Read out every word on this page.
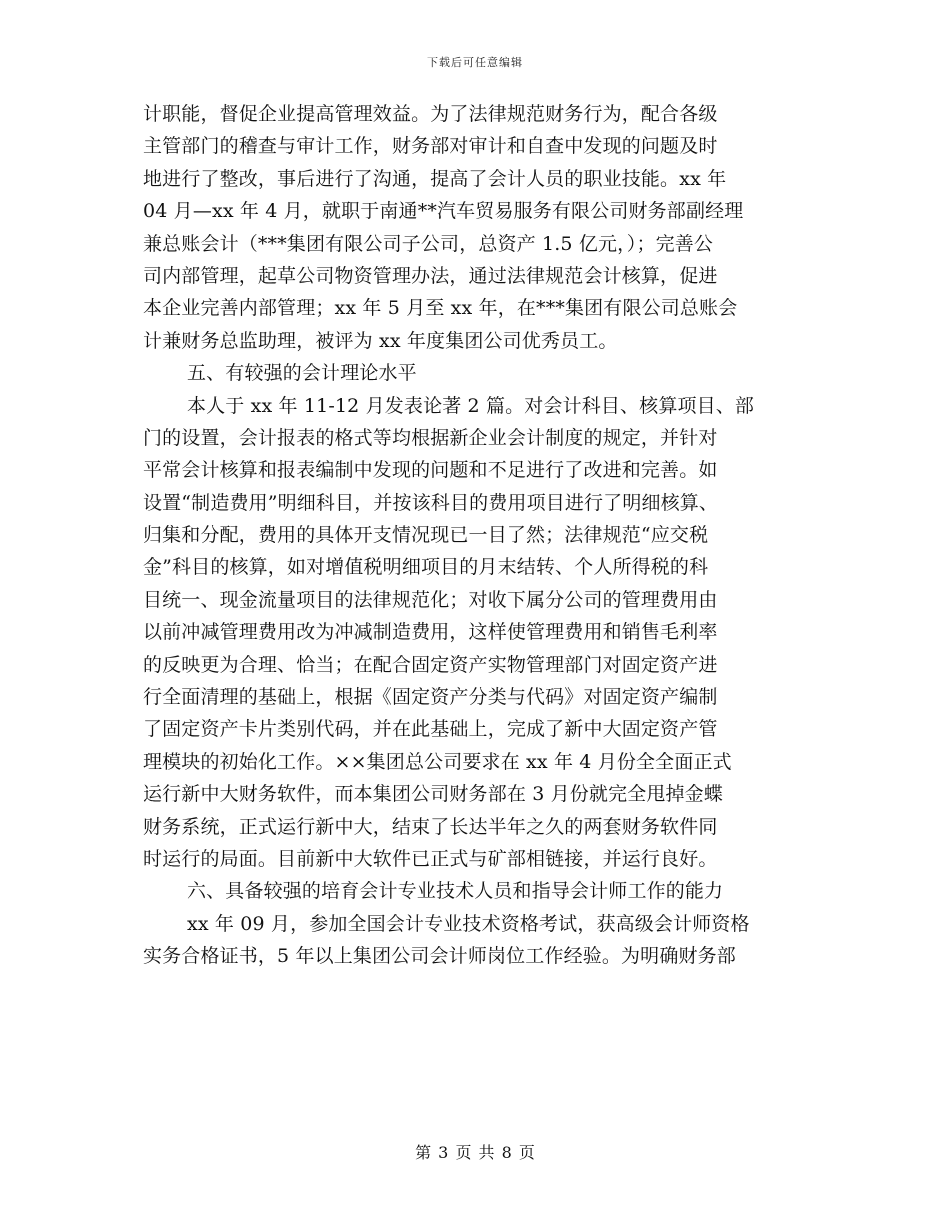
下载后可任意编辑
计职能，督促企业提高管理效益。为了法律规范财务行为，配合各级
主管部门的稽查与审计工作，财务部对审计和自查中发现的问题及时
地进行了整改，事后进行了沟通，提高了会计人员的职业技能。xx 年
04 月—xx 年 4 月，就职于南通**汽车贸易服务有限公司财务部副经理
兼总账会计（***集团有限公司子公司，总资产 1.5 亿元，）；完善公
司内部管理，起草公司物资管理办法，通过法律规范会计核算，促进
本企业完善内部管理；xx 年 5 月至 xx 年，在***集团有限公司总账会
计兼财务总监助理，被评为 xx 年度集团公司优秀员工。
五、有较强的会计理论水平
本人于 xx 年 11-12 月发表论著 2 篇。对会计科目、核算项目、部
门的设置，会计报表的格式等均根据新企业会计制度的规定，并针对
平常会计核算和报表编制中发现的问题和不足进行了改进和完善。如
设置“制造费用”明细科目，并按该科目的费用项目进行了明细核算、
归集和分配，费用的具体开支情况现已一目了然；法律规范“应交税
金”科目的核算，如对增值税明细项目的月末结转、个人所得税的科
目统一、现金流量项目的法律规范化；对收下属分公司的管理费用由
以前冲减管理费用改为冲减制造费用，这样使管理费用和销售毛利率
的反映更为合理、恰当；在配合固定资产实物管理部门对固定资产进
行全面清理的基础上，根据《固定资产分类与代码》对固定资产编制
了固定资产卡片类别代码，并在此基础上，完成了新中大固定资产管
理模块的初始化工作。××集团总公司要求在 xx 年 4 月份全全面正式
运行新中大财务软件，而本集团公司财务部在 3 月份就完全甩掉金蝶
财务系统，正式运行新中大，结束了长达半年之久的两套财务软件同
时运行的局面。目前新中大软件已正式与矿部相链接，并运行良好。
六、具备较强的培育会计专业技术人员和指导会计师工作的能力
xx 年 09 月，参加全国会计专业技术资格考试，获高级会计师资格
实务合格证书，5 年以上集团公司会计师岗位工作经验。为明确财务部
第 3 页 共 8 页
